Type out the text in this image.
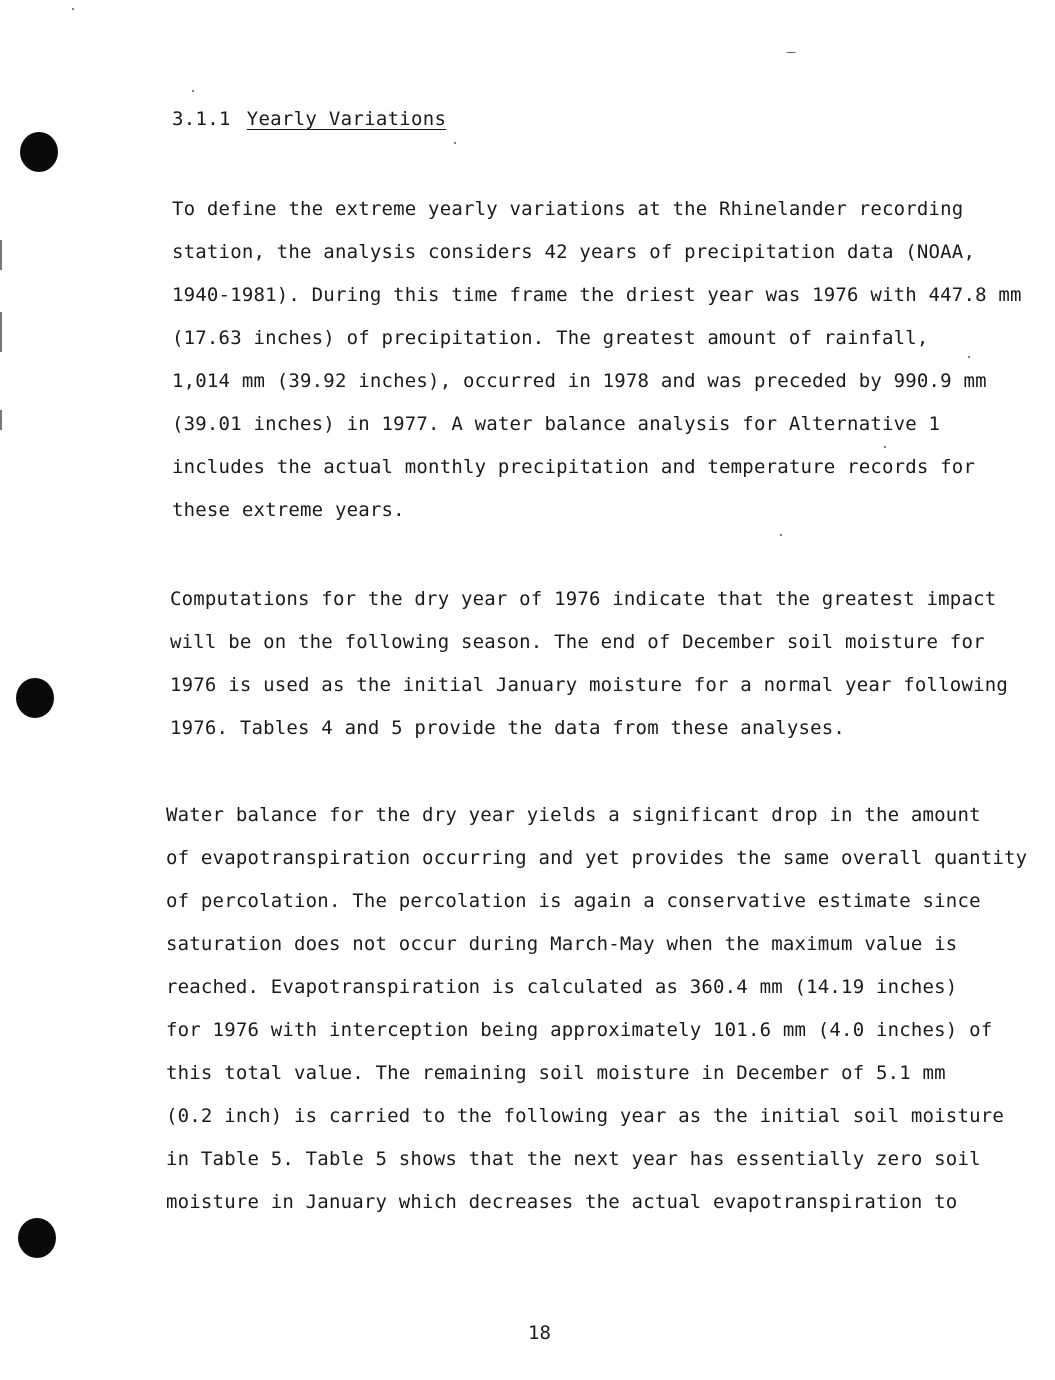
3.1.1 Yearly Variations
To define the extreme yearly variations at the Rhinelander recording
station, the analysis considers 42 years of precipitation data (NOAA,
1940-1981). During this time frame the driest year was 1976 with 447.8 mm
(17.63 inches) of precipitation. The greatest amount of rainfall,
1,014 mm (39.92 inches), occurred in 1978 and was preceded by 990.9 mm
(39.01 inches) in 1977. A water balance analysis for Alternative 1
includes the actual monthly precipitation and temperature records for
these extreme years.
Computations for the dry year of 1976 indicate that the greatest impact
will be on the following season. The end of December soil moisture for
1976 is used as the initial January moisture for a normal year following
1976. Tables 4 and 5 provide the data from these analyses.
Water balance for the dry year yields a significant drop in the amount
of evapotranspiration occurring and yet provides the same overall quantity
of percolation. The percolation is again a conservative estimate since
saturation does not occur during March-May when the maximum value is
reached. Evapotranspiration is calculated as 360.4 mm (14.19 inches)
for 1976 with interception being approximately 101.6 mm (4.0 inches) of
this total value. The remaining soil moisture in December of 5.1 mm
(0.2 inch) is carried to the following year as the initial soil moisture
in Table 5. Table 5 shows that the next year has essentially zero soil
moisture in January which decreases the actual evapotranspiration to
18
